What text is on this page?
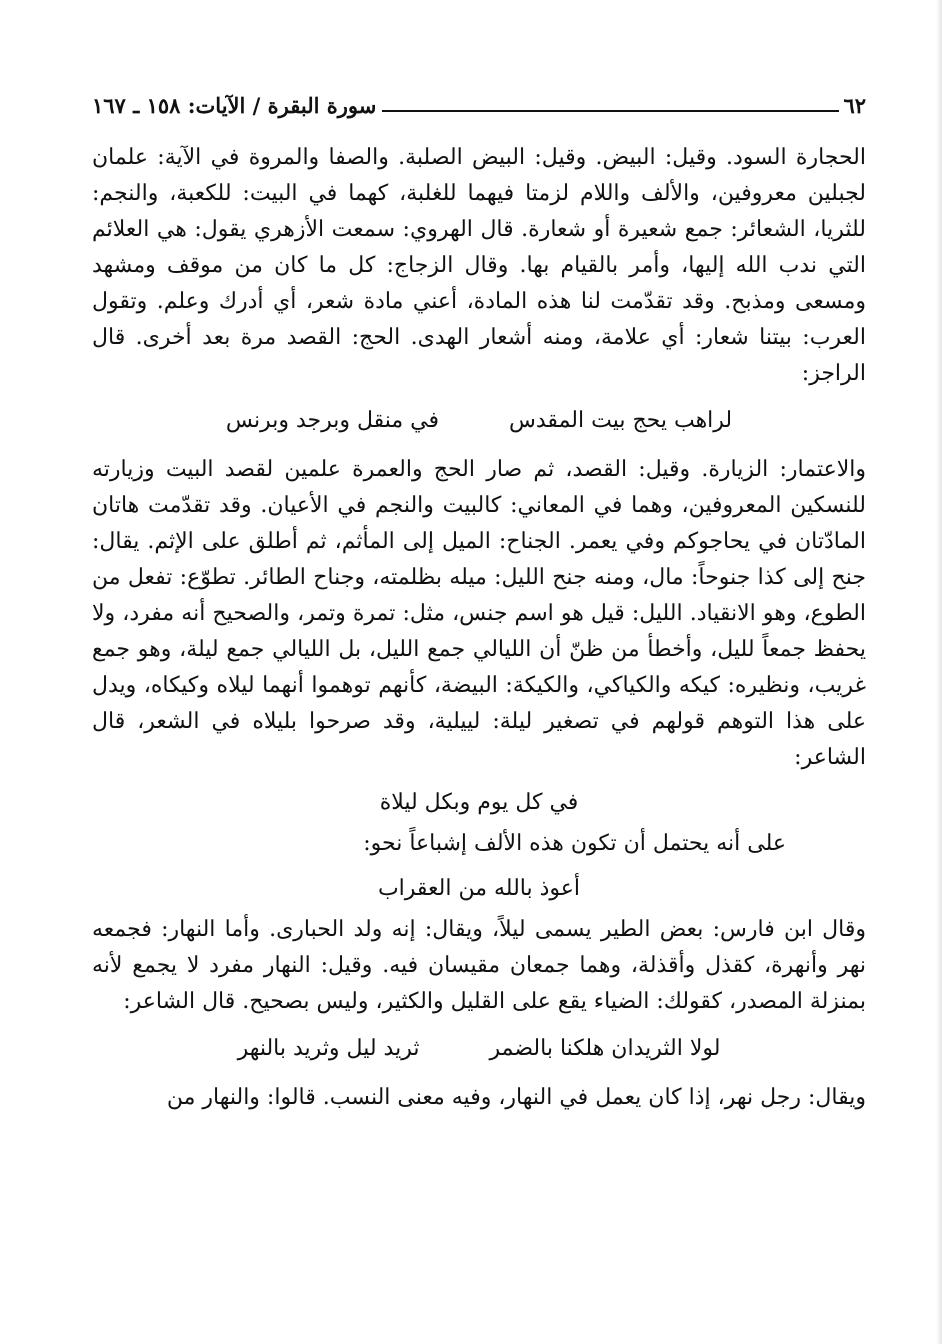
٦٢
سورة البقرة / الآيات: ١٥٨ ـ ١٦٧

الحجارة السود. وقيل: البيض. وقيل: البيض الصلبة. والصفا والمروة في الآية: علمان لجبلين معروفين، والألف واللام لزمتا فيهما للغلبة، كهما في البيت: للكعبة، والنجم: للثريا، الشعائر: جمع شعيرة أو شعارة. قال الهروي: سمعت الأزهري يقول: هي العلائم التي ندب الله إليها، وأمر بالقيام بها. وقال الزجاج: كل ما كان من موقف ومشهد ومسعى ومذبح. وقد تقدّمت لنا هذه المادة، أعني مادة شعر، أي أدرك وعلم. وتقول العرب: بيتنا شعار: أي علامة، ومنه أشعار الهدى. الحج: القصد مرة بعد أخرى. قال الراجز:

لراهب يحج بيت المقدس
في منقل وبرجد وبرنس

والاعتمار: الزيارة. وقيل: القصد، ثم صار الحج والعمرة علمين لقصد البيت وزيارته للنسكين المعروفين، وهما في المعاني: كالبيت والنجم في الأعيان. وقد تقدّمت هاتان المادّتان في يحاجوكم وفي يعمر. الجناح: الميل إلى المأثم، ثم أطلق على الإثم. يقال: جنح إلى كذا جنوحاً: مال، ومنه جنح الليل: ميله بظلمته، وجناح الطائر. تطوّع: تفعل من الطوع، وهو الانقياد. الليل: قيل هو اسم جنس، مثل: تمرة وتمر، والصحيح أنه مفرد، ولا يحفظ جمعاً لليل، وأخطأ من ظنّ أن الليالي جمع الليل، بل الليالي جمع ليلة، وهو جمع غريب، ونظيره: كيكه والكياكي، والكيكة: البيضة، كأنهم توهموا أنهما ليلاه وكيكاه، ويدل على هذا التوهم قولهم في تصغير ليلة: لييلية، وقد صرحوا بليلاه في الشعر، قال الشاعر:

في كل يوم وبكل ليلاة

على أنه يحتمل أن تكون هذه الألف إشباعاً نحو:

أعوذ بالله من العقراب

وقال ابن فارس: بعض الطير يسمى ليلاً، ويقال: إنه ولد الحبارى. وأما النهار: فجمعه نهر وأنهرة، كقذل وأقذلة، وهما جمعان مقيسان فيه. وقيل: النهار مفرد لا يجمع لأنه بمنزلة المصدر، كقولك: الضياء يقع على القليل والكثير، وليس بصحيح. قال الشاعر:

لولا الثريدان هلكنا بالضمر
ثريد ليل وثريد بالنهر

ويقال: رجل نهر، إذا كان يعمل في النهار، وفيه معنى النسب. قالوا: والنهار من
